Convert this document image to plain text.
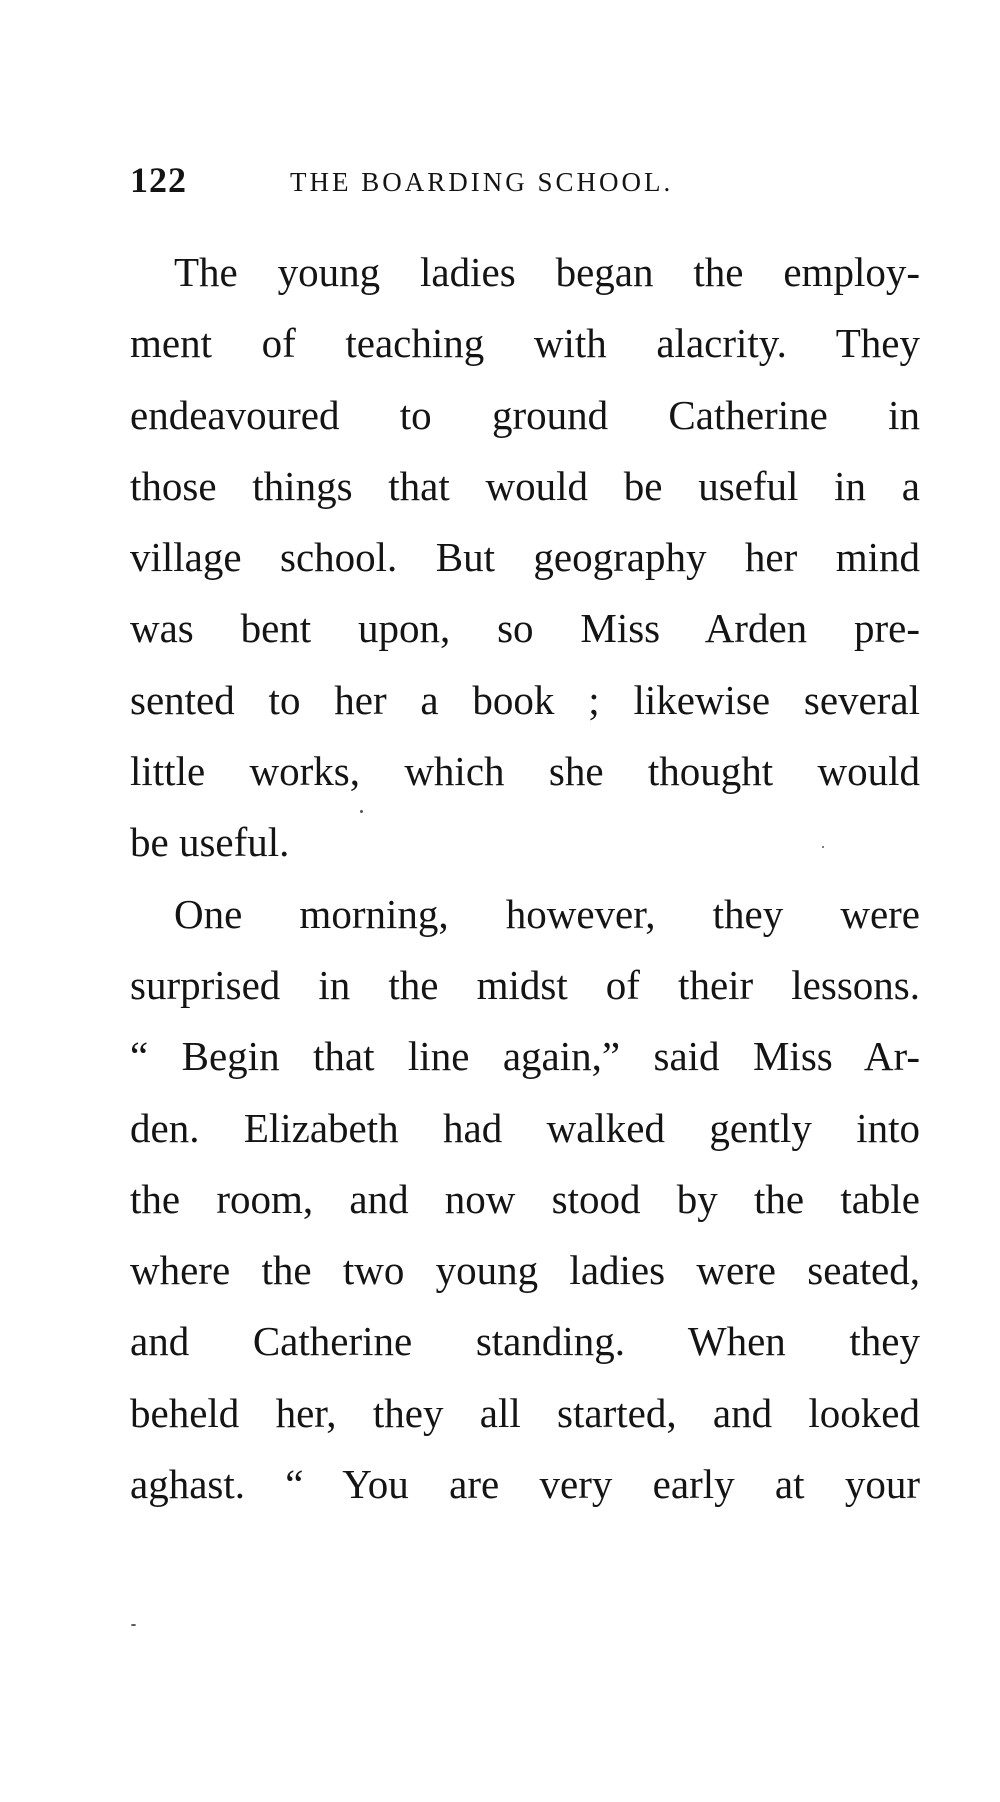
122	THE BOARDING SCHOOL.
The young ladies began the employ-
ment of teaching with alacrity. They
endeavoured to ground Catherine in
those things that would be useful in a
village school. But geography her mind
was bent upon, so Miss Arden pre-
sented to her a book ; likewise several
little works, which she thought would
be useful.
One morning, however, they were
surprised in the midst of their lessons.
“ Begin that line again,” said Miss Ar-
den. Elizabeth had walked gently into
the room, and now stood by the table
where the two young ladies were seated,
and Catherine standing. When they
beheld her, they all started, and looked
aghast. “ You are very early at your
